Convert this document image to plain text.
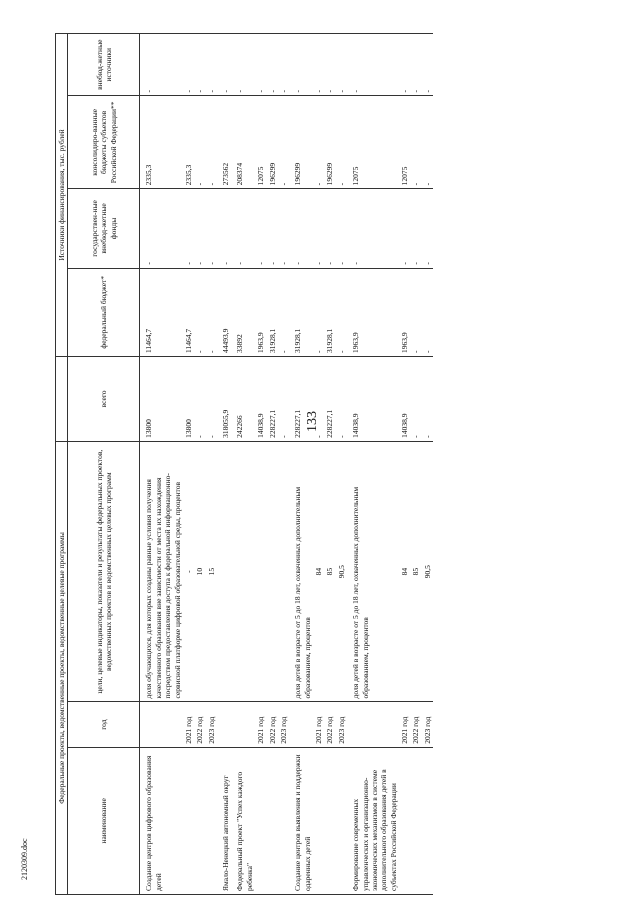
133
2120309.doc
Федеральные проекты, ведомственные проекты, ведомственные целевые программы				Источники финансирования, тыс. рублей			
наименование	год	цели, целевые индикаторы, показатели и результаты федеральных проектов, ведомственных проектов и ведомственных целевых программ	всего	федеральный бюджет*	государствен-ные внебюд-жетные фонды	консолидиро-ванные бюджеты субъектов Российской Федерации**	внебюд-жетные источники
Создание центров цифрового образования детей		доля обучающихся, для которых созданы равные условия получения качественного образования вне зависимости от места их нахождения посредством предоставления доступа к федеральной информационно-сервисной платформе цифровой образовательной среды, процентов	13800	11464,7	-	2335,3	-
	2021 год	-	13800	11464,7	-	2335,3	-
	2022 год	10	-	-	-	-	-
	2023 год	15	-	-	-	-	-
Ямало-Ненецкий автономный округ			318055,9	44493,9	-	273562	-
Федеральный проект "Успех каждого ребенка"			242266	33892	-	208374	-
	2021 год		14038,9	1963,9	-	12075	-
	2022 год		228227,1	31928,1	-	196299	-
	2023 год		-	-	-	-	-
Создание центров выявления и поддержки одаренных детей		доля детей в возрасте от 5 до 18 лет, охваченных дополнительным образованием, процентов	228227,1	31928,1	-	196299	-
	2021 год	84	-	-	-	-	-
	2022 год	85	228227,1	31928,1	-	196299	-
	2023 год	90,5	-	-	-	-	-
Формирование современных управленческих и организационно-экономических механизмов в системе дополнительного образования детей в субъектах Российской Федерации		доля детей в возрасте от 5 до 18 лет, охваченных дополнительным образованием, процентов	14038,9	1963,9	-	12075	-
	2021 год	84	14038,9	1963,9	-	12075	-
	2022 год	85	-	-	-	-	-
	2023 год	90,5	-	-	-	-	-
